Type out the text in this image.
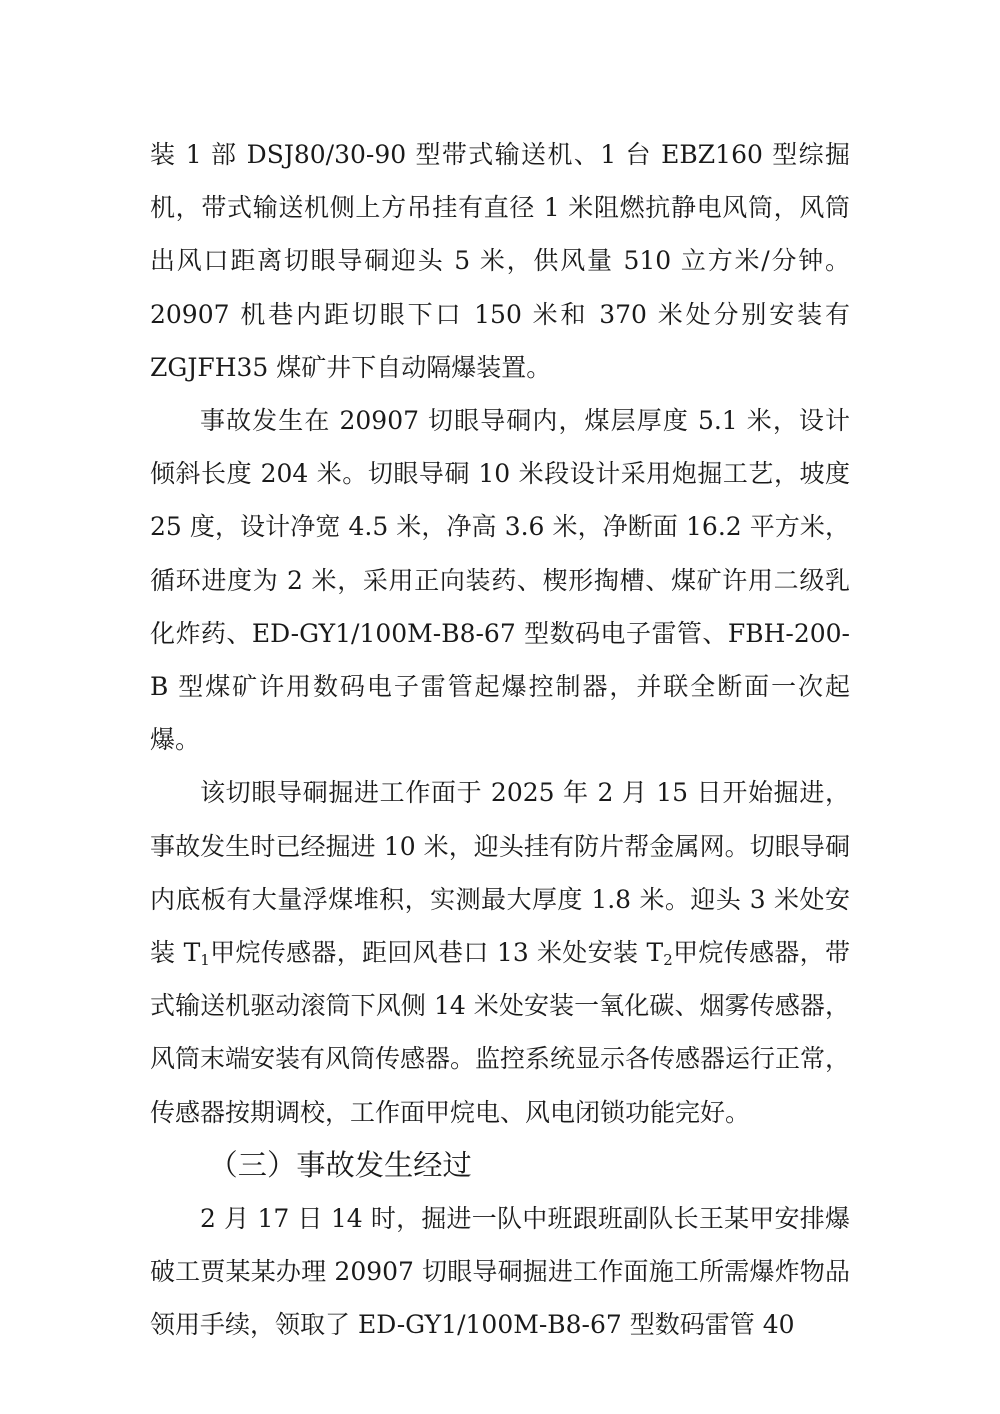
装 1 部 DSJ80/30-90 型带式输送机、1 台 EBZ160 型综掘机，带式输送机侧上方吊挂有直径 1 米阻燃抗静电风筒，风筒出风口距离切眼导硐迎头 5 米，供风量 510 立方米/分钟。20907 机巷内距切眼下口 150 米和 370 米处分别安装有 ZGJFH35 煤矿井下自动隔爆装置。

事故发生在 20907 切眼导硐内，煤层厚度 5.1 米，设计倾斜长度 204 米。切眼导硐 10 米段设计采用炮掘工艺，坡度 25 度，设计净宽 4.5 米，净高 3.6 米，净断面 16.2 平方米，循环进度为 2 米，采用正向装药、楔形掏槽、煤矿许用二级乳化炸药、ED-GY1/100M-B8-67 型数码电子雷管、FBH-200-B 型煤矿许用数码电子雷管起爆控制器，并联全断面一次起爆。

该切眼导硐掘进工作面于 2025 年 2 月 15 日开始掘进，事故发生时已经掘进 10 米，迎头挂有防片帮金属网。切眼导硐内底板有大量浮煤堆积，实测最大厚度 1.8 米。迎头 3 米处安装 $T_1$甲烷传感器，距回风巷口 13 米处安装 $T_2$甲烷传感器，带式输送机驱动滚筒下风侧 14 米处安装一氧化碳、烟雾传感器，风筒末端安装有风筒传感器。监控系统显示各传感器运行正常，传感器按期调校，工作面甲烷电、风电闭锁功能完好。

（三）事故发生经过

2 月 17 日 14 时，掘进一队中班跟班副队长王某甲安排爆破工贾某某办理 20907 切眼导硐掘进工作面施工所需爆炸物品领用手续，领取了 ED-GY1/100M-B8-67 型数码雷管 40
